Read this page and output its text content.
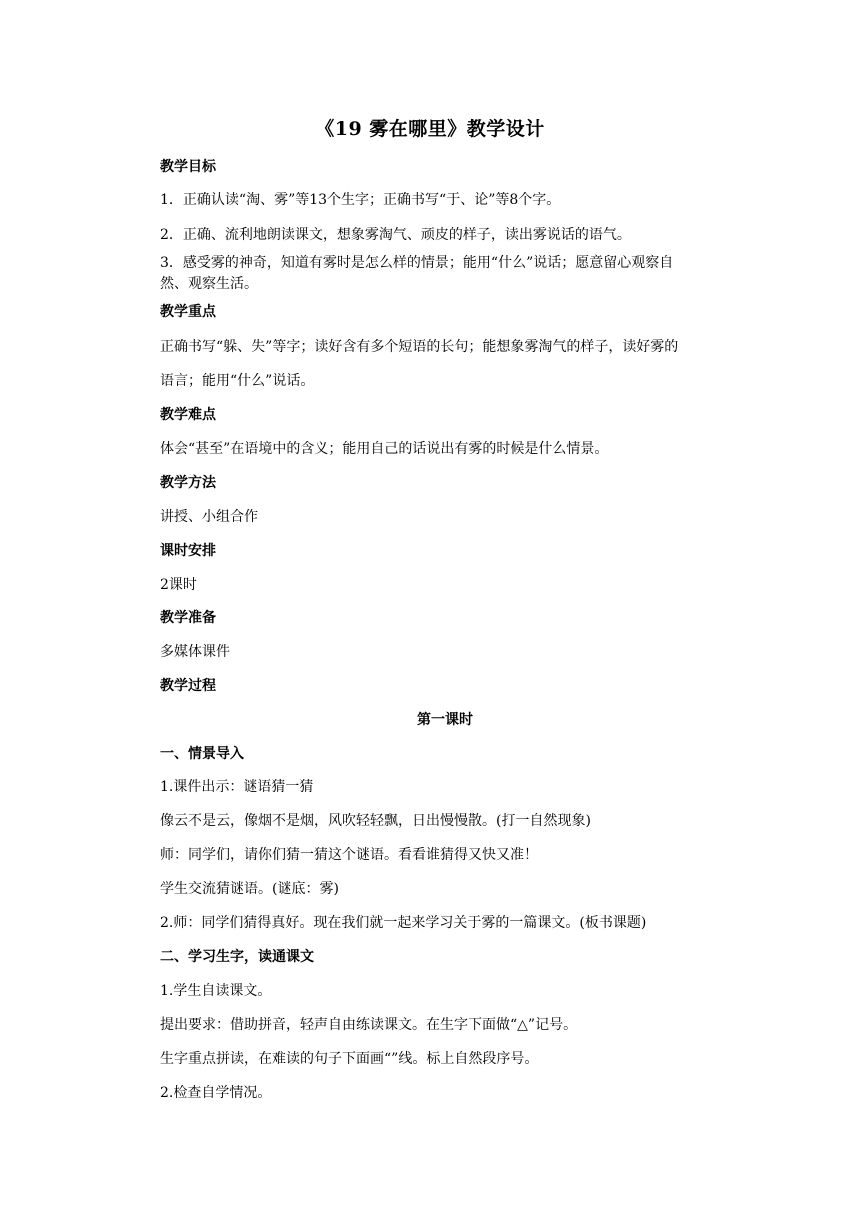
《19 雾在哪里》教学设计
教学目标
1．正确认读“淘、雾”等13个生字；正确书写“于、论”等8个字。
2．正确、流利地朗读课文，想象雾淘气、顽皮的样子，读出雾说话的语气。
3．感受雾的神奇，知道有雾时是怎么样的情景；能用“什么”说话；愿意留心观察自
然、观察生活。
教学重点
正确书写“躲、失”等字；读好含有多个短语的长句；能想象雾淘气的样子，读好雾的
语言；能用“什么”说话。
教学难点
体会“甚至”在语境中的含义；能用自己的话说出有雾的时候是什么情景。
教学方法
讲授、小组合作
课时安排
2课时
教学准备
多媒体课件
教学过程
第一课时
一、情景导入
1.课件出示：谜语猜一猜
像云不是云，像烟不是烟，风吹轻轻飘，日出慢慢散。(打一自然现象)
师：同学们，请你们猜一猜这个谜语。看看谁猜得又快又准！
学生交流猜谜语。(谜底：雾)
2.师：同学们猜得真好。现在我们就一起来学习关于雾的一篇课文。(板书课题)
二、学习生字，读通课文
1.学生自读课文。
提出要求：借助拼音，轻声自由练读课文。在生字下面做“△”记号。
生字重点拼读，在难读的句子下面画“”线。标上自然段序号。
2.检查自学情况。
